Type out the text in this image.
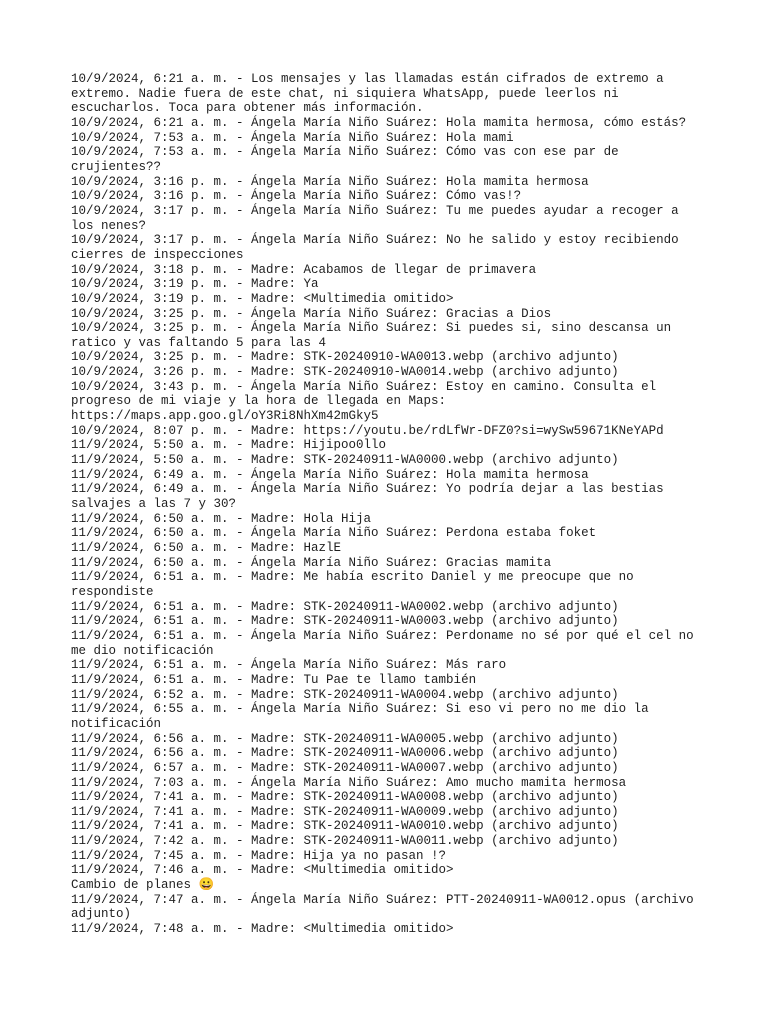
10/9/2024, 6:21 a. m. - Los mensajes y las llamadas están cifrados de extremo a extremo. Nadie fuera de este chat, ni siquiera WhatsApp, puede leerlos ni escucharlos. Toca para obtener más información.
10/9/2024, 6:21 a. m. - Ángela María Niño Suárez: Hola mamita hermosa, cómo estás?
10/9/2024, 7:53 a. m. - Ángela María Niño Suárez: Hola mami
10/9/2024, 7:53 a. m. - Ángela María Niño Suárez: Cómo vas con ese par de crujientes??
10/9/2024, 3:16 p. m. - Ángela María Niño Suárez: Hola mamita hermosa
10/9/2024, 3:16 p. m. - Ángela María Niño Suárez: Cómo vas!?
10/9/2024, 3:17 p. m. - Ángela María Niño Suárez: Tu me puedes ayudar a recoger a los nenes?
10/9/2024, 3:17 p. m. - Ángela María Niño Suárez: No he salido y estoy recibiendo cierres de inspecciones
10/9/2024, 3:18 p. m. - Madre: Acabamos de llegar de primavera
10/9/2024, 3:19 p. m. - Madre: Ya
10/9/2024, 3:19 p. m. - Madre: <Multimedia omitido>
10/9/2024, 3:25 p. m. - Ángela María Niño Suárez: Gracias a Dios
10/9/2024, 3:25 p. m. - Ángela María Niño Suárez: Si puedes si, sino descansa un ratico y vas faltando 5 para las 4
10/9/2024, 3:25 p. m. - Madre: STK-20240910-WA0013.webp (archivo adjunto)
10/9/2024, 3:26 p. m. - Madre: STK-20240910-WA0014.webp (archivo adjunto)
10/9/2024, 3:43 p. m. - Ángela María Niño Suárez: Estoy en camino. Consulta el progreso de mi viaje y la hora de llegada en Maps: https://maps.app.goo.gl/oY3Ri8NhXm42mGky5
10/9/2024, 8:07 p. m. - Madre: https://youtu.be/rdLfWr-DFZ0?si=wySw59671KNeYAPd
11/9/2024, 5:50 a. m. - Madre: Hijipoo0llo
11/9/2024, 5:50 a. m. - Madre: STK-20240911-WA0000.webp (archivo adjunto)
11/9/2024, 6:49 a. m. - Ángela María Niño Suárez: Hola mamita hermosa
11/9/2024, 6:49 a. m. - Ángela María Niño Suárez: Yo podría dejar a las bestias salvajes a las 7 y 30?
11/9/2024, 6:50 a. m. - Madre: Hola Hija
11/9/2024, 6:50 a. m. - Ángela María Niño Suárez: Perdona estaba foket
11/9/2024, 6:50 a. m. - Madre: HazlE
11/9/2024, 6:50 a. m. - Ángela María Niño Suárez: Gracias mamita
11/9/2024, 6:51 a. m. - Madre: Me había escrito Daniel y me preocupe que no respondiste
11/9/2024, 6:51 a. m. - Madre: STK-20240911-WA0002.webp (archivo adjunto)
11/9/2024, 6:51 a. m. - Madre: STK-20240911-WA0003.webp (archivo adjunto)
11/9/2024, 6:51 a. m. - Ángela María Niño Suárez: Perdoname no sé por qué el cel no me dio notificación
11/9/2024, 6:51 a. m. - Ángela María Niño Suárez: Más raro
11/9/2024, 6:51 a. m. - Madre: Tu Pae te llamo también
11/9/2024, 6:52 a. m. - Madre: STK-20240911-WA0004.webp (archivo adjunto)
11/9/2024, 6:55 a. m. - Ángela María Niño Suárez: Si eso vi pero no me dio la notificación
11/9/2024, 6:56 a. m. - Madre: STK-20240911-WA0005.webp (archivo adjunto)
11/9/2024, 6:56 a. m. - Madre: STK-20240911-WA0006.webp (archivo adjunto)
11/9/2024, 6:57 a. m. - Madre: STK-20240911-WA0007.webp (archivo adjunto)
11/9/2024, 7:03 a. m. - Ángela María Niño Suárez: Amo mucho mamita hermosa
11/9/2024, 7:41 a. m. - Madre: STK-20240911-WA0008.webp (archivo adjunto)
11/9/2024, 7:41 a. m. - Madre: STK-20240911-WA0009.webp (archivo adjunto)
11/9/2024, 7:41 a. m. - Madre: STK-20240911-WA0010.webp (archivo adjunto)
11/9/2024, 7:42 a. m. - Madre: STK-20240911-WA0011.webp (archivo adjunto)
11/9/2024, 7:45 a. m. - Madre: Hija ya no pasan !?
11/9/2024, 7:46 a. m. - Madre: <Multimedia omitido>
Cambio de planes 😀
11/9/2024, 7:47 a. m. - Ángela María Niño Suárez: PTT-20240911-WA0012.opus (archivo adjunto)
11/9/2024, 7:48 a. m. - Madre: <Multimedia omitido>
